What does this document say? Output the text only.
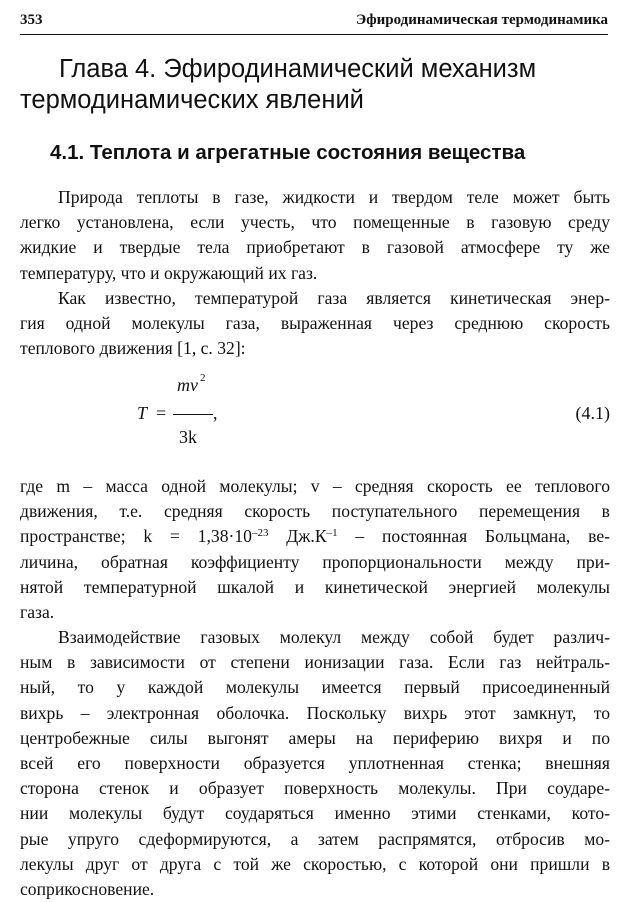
353	Эфиродинамическая термодинамика
Глава 4. Эфиродинамический механизм
термодинамических явлений
4.1. Теплота и агрегатные состояния вещества

Природа теплоты в газе, жидкости и твердом теле может быть
легко установлена, если учесть, что помещенные в газовую среду
жидкие и твердые тела приобретают в газовой атмосфере ту же
температуру, что и окружающий их газ.

Как известно, температурой газа является кинетическая энер-
гия одной молекулы газа, выраженная через среднюю скорость
теплового движения [1, с. 32]:

T =
mv $^2$
,
3k
(4.1)

где m – масса одной молекулы; v – средняя скорость ее теплового
движения, т.е. средняя скорость поступательного перемещения в
пространстве; $k = 1,38\cdot 10^{-23}$ $Дж.К^{-1}$ – постоянная Больцмана, ве-
личина, обратная коэффициенту пропорциональности между при-
нятой температурной шкалой и кинетической энергией молекулы
газа.

Взаимодействие газовых молекул между собой будет различ-
ным в зависимости от степени ионизации газа. Если газ нейтраль-
ный, то у каждой молекулы имеется первый присоединенный
вихрь – электронная оболочка. Поскольку вихрь этот замкнут, то
центробежные силы выгонят амеры на периферию вихря и по
всей его поверхности образуется уплотненная стенка; внешняя
сторона стенок и образует поверхность молекулы. При соударе-
нии молекулы будут соударяться именно этими стенками, кото-
рые упруго сдеформируются, а затем распрямятся, отбросив мо-
лекулы друг от друга с той же скоростью, с которой они пришли в
соприкосновение.
